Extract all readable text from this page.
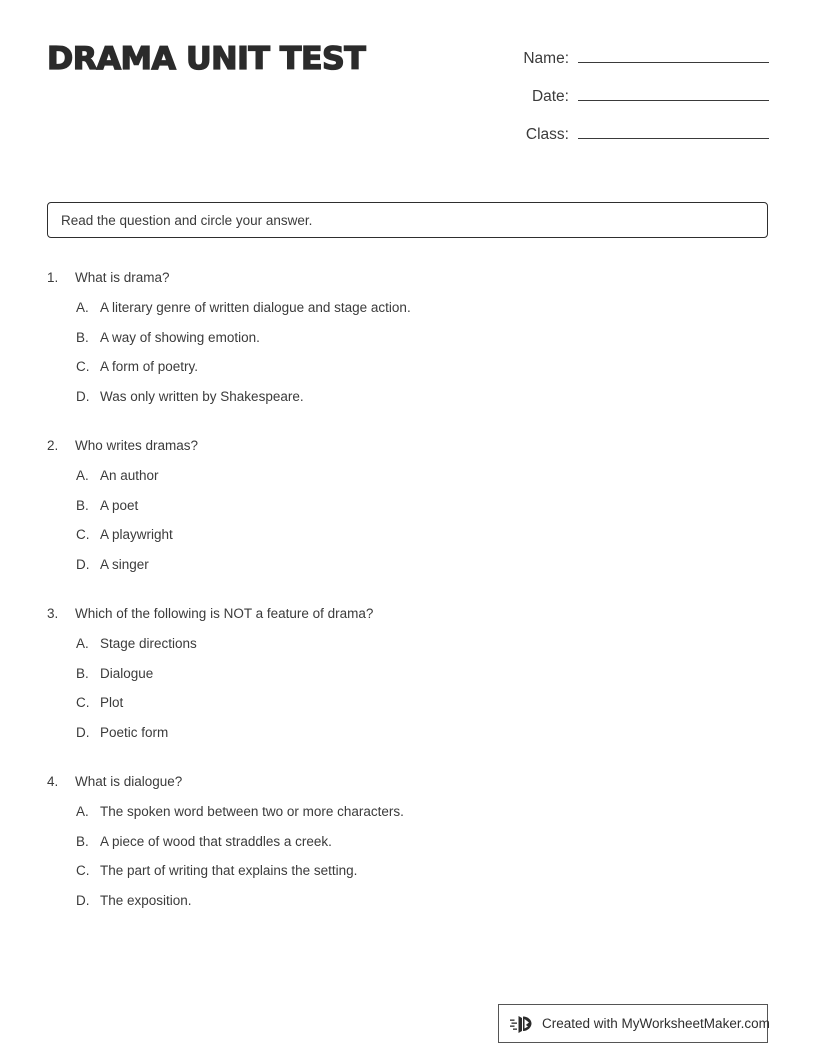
DRAMA UNIT TEST	Name:
Date:
Class:
Read the question and circle your answer.
1.	What is drama?
A. A literary genre of written dialogue and stage action.
B. A way of showing emotion.
C. A form of poetry.
D. Was only written by Shakespeare.
2.	Who writes dramas?
A. An author
B. A poet
C. A playwright
D. A singer
3.	Which of the following is NOT a feature of drama?
A. Stage directions
B. Dialogue
C. Plot
D. Poetic form
4.	What is dialogue?
A. The spoken word between two or more characters.
B. A piece of wood that straddles a creek.
C. The part of writing that explains the setting.
D. The exposition.
Created with MyWorksheetMaker.com
